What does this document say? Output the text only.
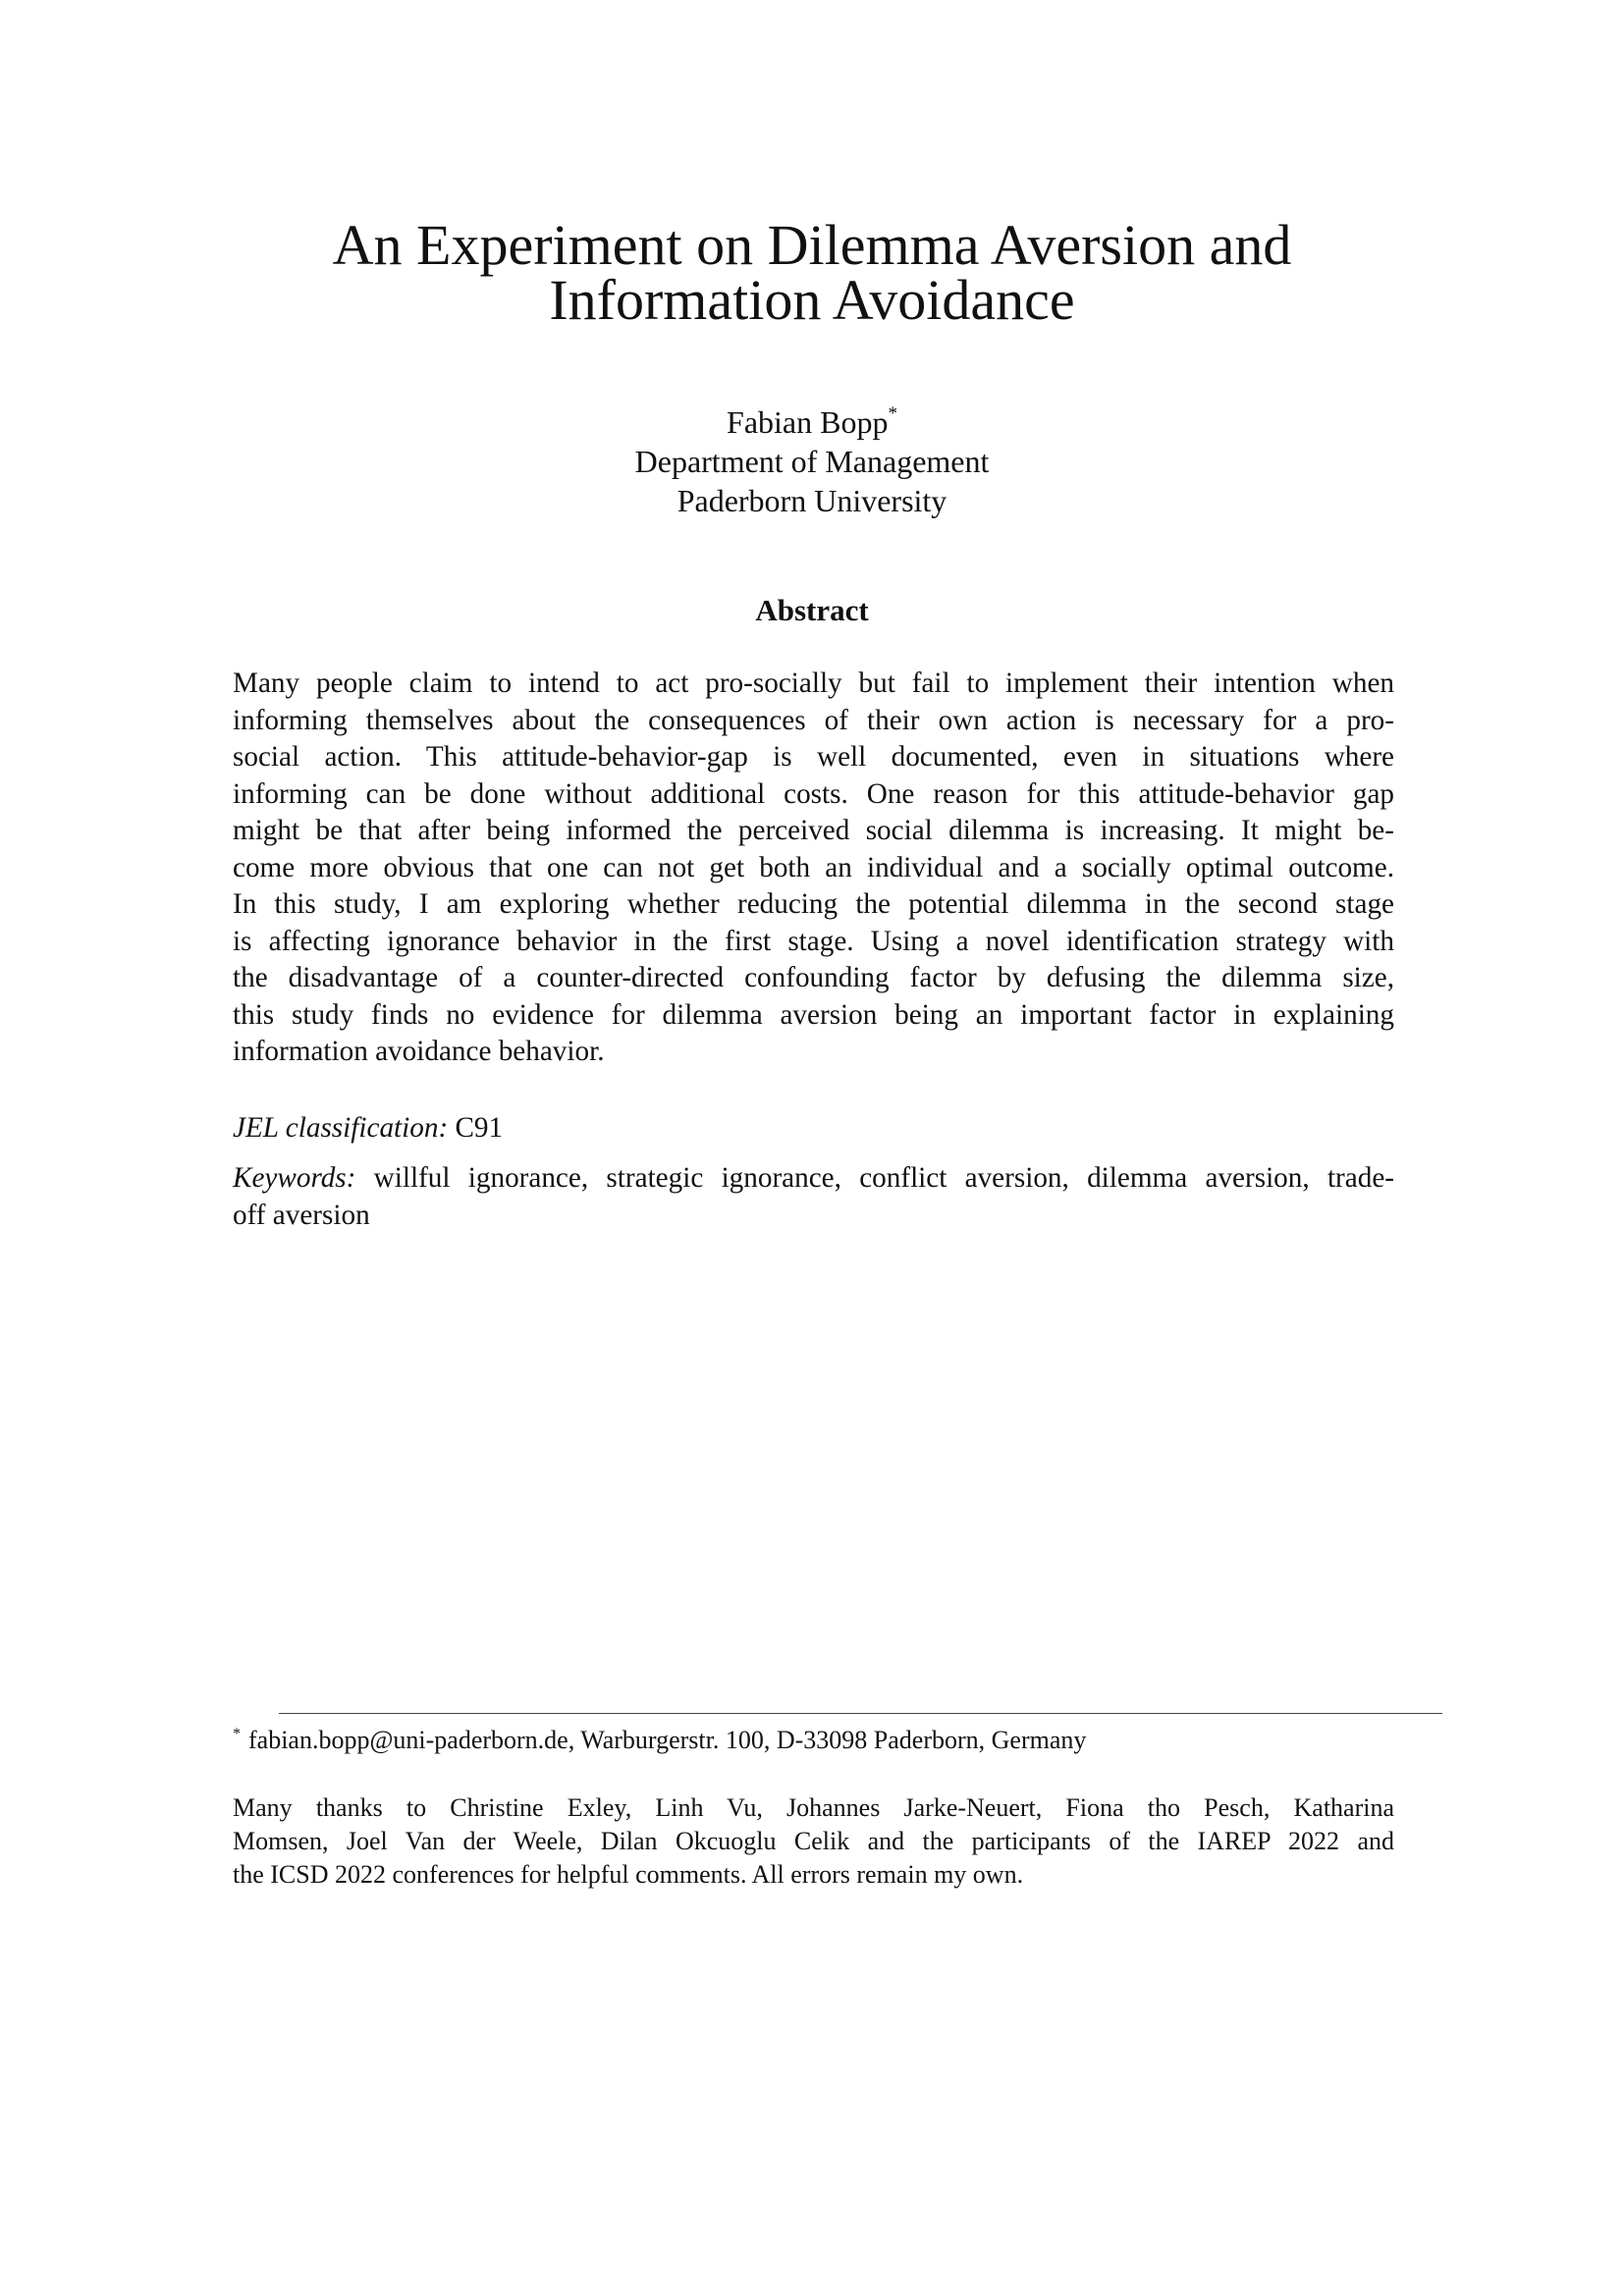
An Experiment on Dilemma Aversion and
Information Avoidance
Fabian Bopp*
Department of Management
Paderborn University
Abstract
Many people claim to intend to act pro-socially but fail to implement their intention when
informing themselves about the consequences of their own action is necessary for a pro-
social action. This attitude-behavior-gap is well documented, even in situations where
informing can be done without additional costs. One reason for this attitude-behavior gap
might be that after being informed the perceived social dilemma is increasing. It might be-
come more obvious that one can not get both an individual and a socially optimal outcome.
In this study, I am exploring whether reducing the potential dilemma in the second stage
is affecting ignorance behavior in the first stage. Using a novel identification strategy with
the disadvantage of a counter-directed confounding factor by defusing the dilemma size,
this study finds no evidence for dilemma aversion being an important factor in explaining
information avoidance behavior.
JEL classification: C91
Keywords: willful ignorance, strategic ignorance, conflict aversion, dilemma aversion, trade-
off aversion
* fabian.bopp@uni-paderborn.de, Warburgerstr. 100, D-33098 Paderborn, Germany
Many thanks to Christine Exley, Linh Vu, Johannes Jarke-Neuert, Fiona tho Pesch, Katharina
Momsen, Joel Van der Weele, Dilan Okcuoglu Celik and the participants of the IAREP 2022 and
the ICSD 2022 conferences for helpful comments. All errors remain my own.
